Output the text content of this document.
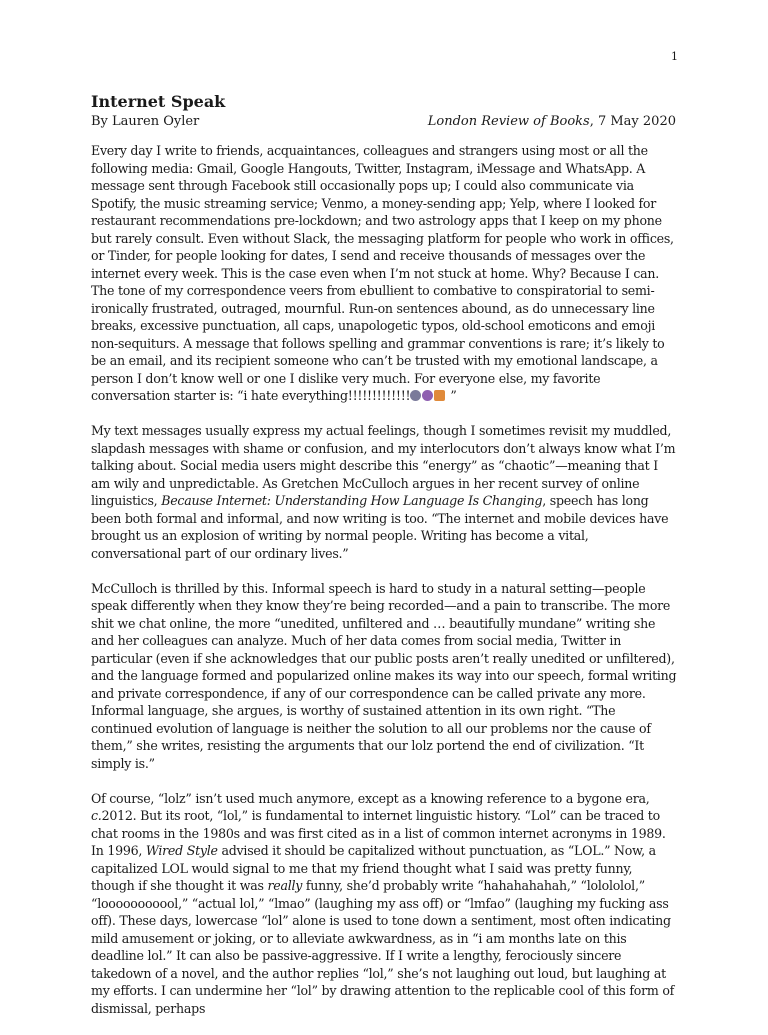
1
Internet Speak
By Lauren Oyler	London Review of Books, 7 May 2020

Every day I write to friends, acquaintances, colleagues and strangers using most or all the following media: Gmail, Google Hangouts, Twitter, Instagram, iMessage and WhatsApp. A message sent through Facebook still occasionally pops up; I could also communicate via Spotify, the music streaming service; Venmo, a money-sending app; Yelp, where I looked for restaurant recommendations pre-lockdown; and two astrology apps that I keep on my phone but rarely consult. Even without Slack, the messaging platform for people who work in offices, or Tinder, for people looking for dates, I send and receive thousands of messages over the internet every week. This is the case even when I’m not stuck at home. Why? Because I can. The tone of my correspondence veers from ebullient to combative to conspiratorial to semi-ironically frustrated, outraged, mournful. Run-on sentences abound, as do unnecessary line breaks, excessive punctuation, all caps, unapologetic typos, old-school emoticons and emoji non-sequiturs. A message that follows spelling and grammar conventions is rare; it’s likely to be an email, and its recipient someone who can’t be trusted with my emotional landscape, a person I don’t know well or one I dislike very much. For everyone else, my favorite conversation starter is: “i hate everything!!!!!!!!!!!!!	”

My text messages usually express my actual feelings, though I sometimes revisit my muddled, slapdash messages with shame or confusion, and my interlocutors don’t always know what I’m talking about. Social media users might describe this “energy” as “chaotic”—meaning that I am wily and unpredictable. As Gretchen McCulloch argues in her recent survey of online linguistics, Because Internet: Understanding How Language Is Changing, speech has long been both formal and informal, and now writing is too. “The internet and mobile devices have brought us an explosion of writing by normal people. Writing has become a vital, conversational part of our ordinary lives.”

McCulloch is thrilled by this. Informal speech is hard to study in a natural setting—people speak differently when they know they’re being recorded—and a pain to transcribe. The more shit we chat online, the more “unedited, unfiltered and … beautifully mundane” writing she and her colleagues can analyze. Much of her data comes from social media, Twitter in particular (even if she acknowledges that our public posts aren’t really unedited or unfiltered), and the language formed and popularized online makes its way into our speech, formal writing and private correspondence, if any of our correspondence can be called private any more. Informal language, she argues, is worthy of sustained attention in its own right. “The continued evolution of language is neither the solution to all our problems nor the cause of them,” she writes, resisting the arguments that our lolz portend the end of civilization. “It simply is.”

Of course, “lolz” isn’t used much anymore, except as a knowing reference to a bygone era, c.2012. But its root, “lol,” is fundamental to internet linguistic history. “Lol” can be traced to chat rooms in the 1980s and was first cited as in a list of common internet acronyms in 1989. In 1996, Wired Style advised it should be capitalized without punctuation, as “LOL.” Now, a capitalized LOL would signal to me that my friend thought what I said was pretty funny, though if she thought it was really funny, she’d probably write “hahahahahah,” “lolololol,” “looooooooool,” “actual lol,” “lmao” (laughing my ass off) or “lmfao” (laughing my fucking ass off). These days, lowercase “lol” alone is used to tone down a sentiment, most often indicating mild amusement or joking, or to alleviate awkwardness, as in “i am months late on this deadline lol.” It can also be passive-aggressive. If I write a lengthy, ferociously sincere takedown of a novel, and the author replies “lol,” she’s not laughing out loud, but laughing at my efforts. I can undermine her “lol” by drawing attention to the replicable cool of this form of dismissal, perhaps
